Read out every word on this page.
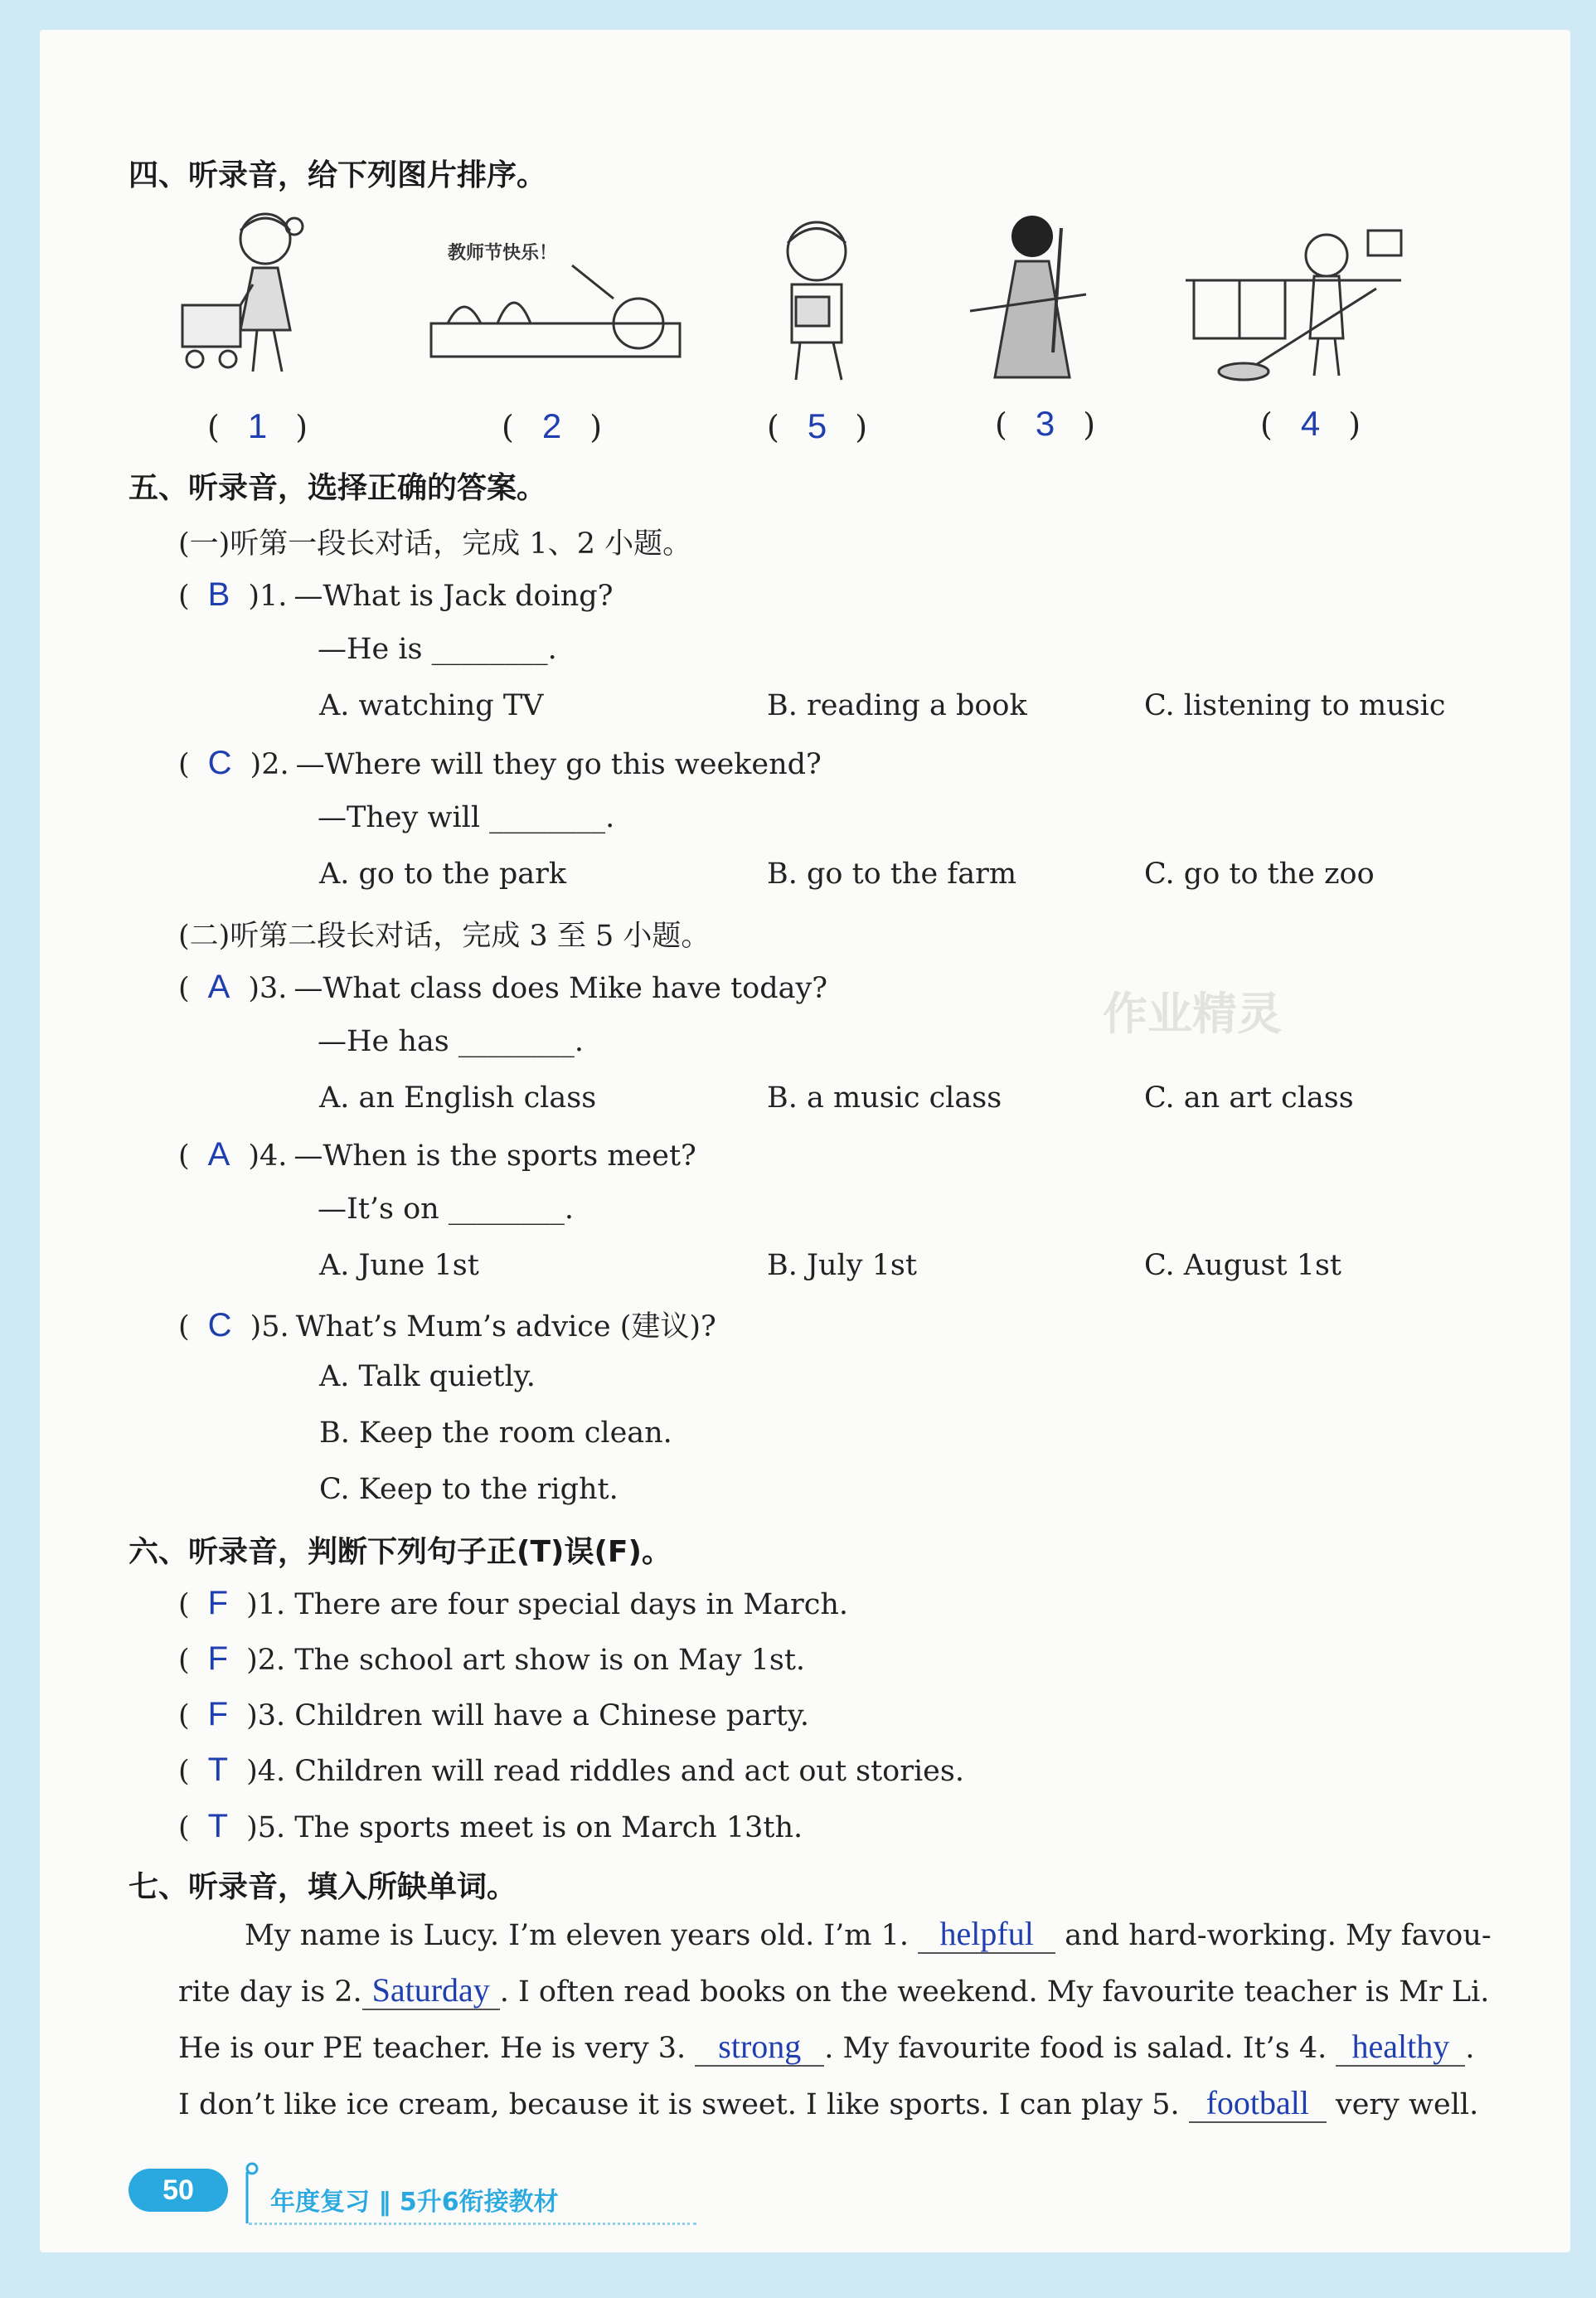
四、听录音，给下列图片排序。
教师节快乐！
( 1 )	( 2 )	( 5 )	( 3 )	( 4 )
五、听录音，选择正确的答案。
(一)听第一段长对话，完成 1、2 小题。
( B )1. —What is Jack doing?
—He is ________.
A. watching TV	B. reading a book	C. listening to music
( C )2. —Where will they go this weekend?
—They will ________.
A. go to the park	B. go to the farm	C. go to the zoo
(二)听第二段长对话，完成 3 至 5 小题。
( A )3. —What class does Mike have today?
—He has ________.
A. an English class	B. a music class	C. an art class
( A )4. —When is the sports meet?
—It’s on ________.
A. June 1st	B. July 1st	C. August 1st
( C )5. What’s Mum’s advice (建议)?
A. Talk quietly.
B. Keep the room clean.
C. Keep to the right.
六、听录音，判断下列句子正(T)误(F)。
( F )1. There are four special days in March.
( F )2. The school art show is on May 1st.
( F )3. Children will have a Chinese party.
( T )4. Children will read riddles and act out stories.
( T )5. The sports meet is on March 13th.
七、听录音，填入所缺单词。
My name is Lucy. I’m eleven years old. I’m 1. helpful and hard-working. My favou-
rite day is 2. Saturday . I often read books on the weekend. My favourite teacher is Mr Li.
He is our PE teacher. He is very 3. strong . My favourite food is salad. It’s 4. healthy .
I don’t like ice cream, because it is sweet. I like sports. I can play 5. football very well.
作业精灵
50	年度复习 ‖ 5升6衔接教材
